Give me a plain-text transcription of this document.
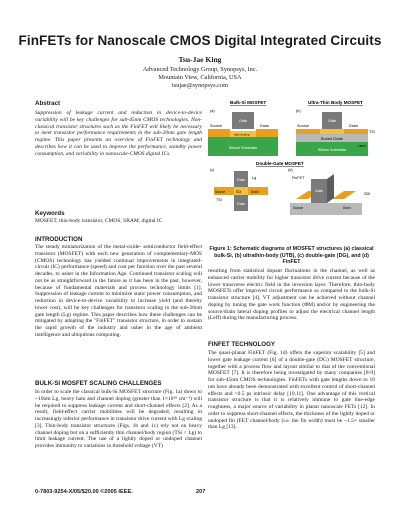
FinFETs for Nanoscale CMOS Digital Integrated Circuits
Tsu-Jae King
Advanced Technology Group, Synopsys, Inc.
Mountain View, California, USA
tsujae@synopsys.com
Abstract
Suppression of leakage current and reduction in device-to-device variability will be key challenges for sub-45nm CMOS technologies. Non-classical transistor structures such as the FinFET will likely be necessary to meet transistor performance requirements in the sub-20nm gate length regime. This paper presents an overview of FinFET technology and describes how it can be used to improve the performance, standby power consumption, and variability in nanoscale-CMOS digital ICs.
Keywords
MOSFET, thin-body transistor, CMOS, SRAM, digital IC
INTRODUCTION
The steady miniaturization of the metal-oxide- semiconductor field-effect transistor (MOSFET) with each new generation of complementary-MOS (CMOS) technology has yielded continual improvements in integrated-circuit (IC) performance (speed) and cost per function over the past several decades, to usher in the Information Age. Continued transistor scaling will not be as straightforward in the future as it has been in the past, however, because of fundamental materials and process technology limits [1]. Suppression of leakage current to minimize static power consumption, and reduction in device-to-device variability to increase yield (and thereby lower cost), will be key challenges for transistor scaling in the sub-20nm gate length (Lg) regime. This paper describes how these challenges can be mitigated by adopting the "FinFET" transistor structure, in order to sustain the rapid growth of the industry and usher in the age of ambient intelligence and ubiquitous computing.
BULK-SI MOSFET SCALING CHALLENGES
In order to scale the classical bulk-Si MOSFET structure (Fig. 1a) down to ~10nm Lg, heavy halo and channel doping (greater than 1×10¹⁸ cm⁻³) will be required to suppress leakage current and short-channel effects [2]. As a result, field-effect carrier mobilities will be degraded, resulting in increasingly inferior performance in transistor drive current with Lg scaling [3]. Thin-body transistor structures (Figs. 1b and 1c) rely not on heavy channel doping but on a sufficiently thin channel/body region (TSi < Lg) to limit leakage current. The use of a lightly doped or undoped channel provides immunity to variations in threshold voltage (VT)
Bulk-Si MOSFET
(a)
Silicon Substrate
Gate
Source	Drain
halo doping
Ultra-Thin Body MOSFET
(b)
Silicon Substrate
Buried Oxide
Gate
Source	Drain
TSi
TBOX
Double-Gate MOSFET
(c)
Gate
Gate
Source	SDI	Drain
Lg
TSi
FinFET
(d)
Gate
Source	Drain
SDI
Figure 1: Schematic diagrams of MOSFET structures (a) classical bulk-Si, (b) ultrathin-body (UTB), (c) double-gate (DG), and (d) FinFET
resulting from statistical dopant fluctuations in the channel, as well as enhanced carrier mobility for higher transistor drive current because of the lower transverse electric field in the inversion layer. Therefore, thin-body MOSFETs offer improved circuit performance as compared to the bulk-Si transistor structure [4]. VT adjustment can be achieved without channel doping by tuning the gate work function (ΦM) and/or by engineering the source/drain lateral doping profiles to adjust the electrical channel length (Leff) during the manufacturing process.
FINFET TECHNOLOGY
The quasi-planar FinFET (Fig. 1d) offers the superior scalability [5] and lower gate leakage current [6] of a double-gate (DG) MOSFET structure, together with a process flow and layout similar to that of the conventional MOSFET [7]. It is therefore being investigated by many companies [8-9] for sub-45nm CMOS technologies. FinFETs with gate lengths down to 10 nm have already been demonstrated with excellent control of short-channel effects and <0.5 ps intrinsic delay [10,11]. One advantage of this vertical transistor structure is that it is relatively immune to gate line-edge roughness, a major source of variability in planar nanoscale FETs [12]. In order to suppress short-channel effects, the thickness of the lightly doped or undoped fin (FET channel/body (i.e. the fin width) must be ~1.5× smaller than Lg [13].
0-7803-9254-X/05/$20.00 ©2005 IEEE.	207
